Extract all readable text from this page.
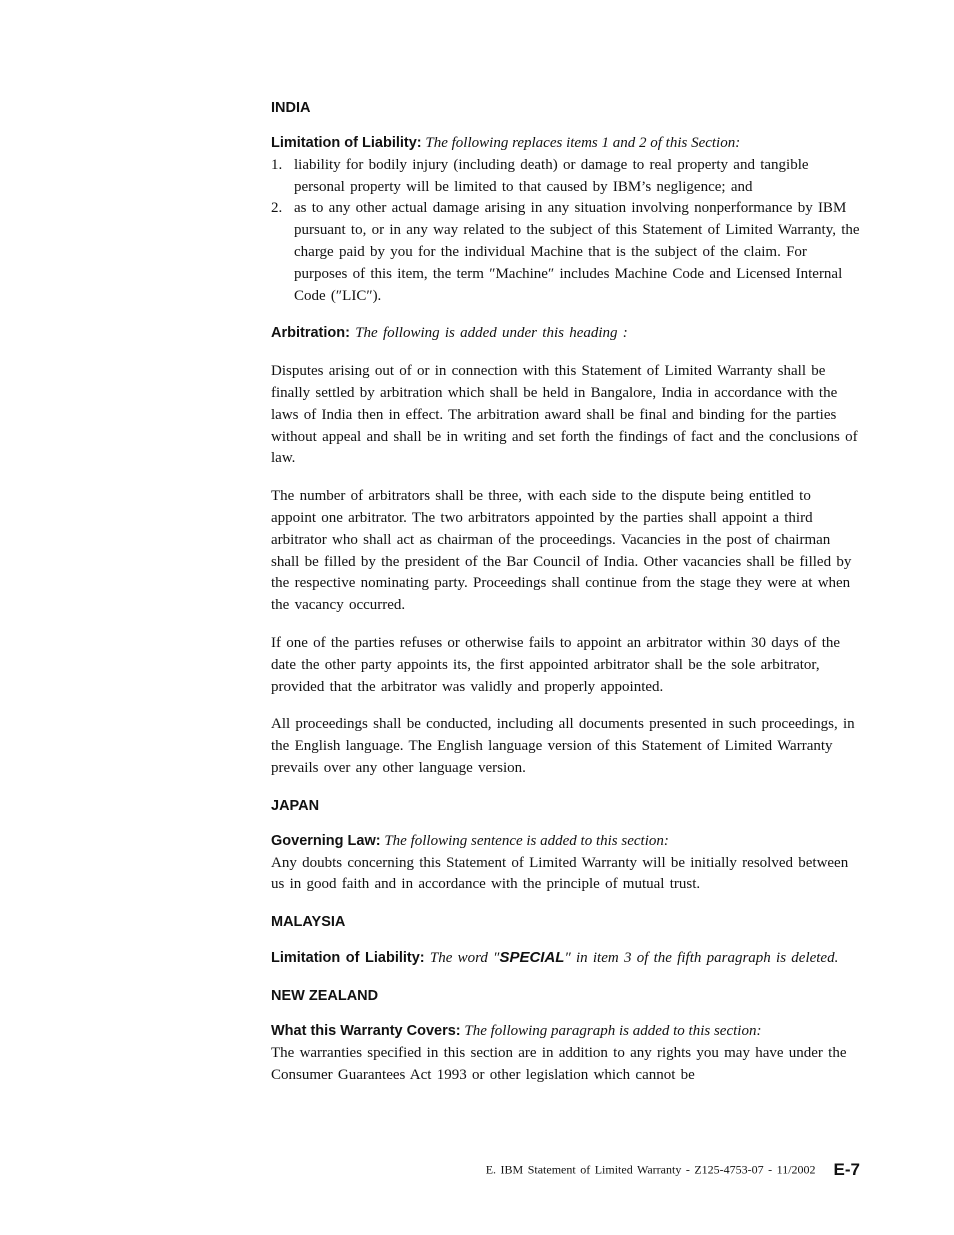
INDIA

Limitation of Liability: The following replaces items 1 and 2 of this Section:

1. liability for bodily injury (including death) or damage to real property and tangible personal property will be limited to that caused by IBM’s negligence; and
2. as to any other actual damage arising in any situation involving nonperformance by IBM pursuant to, or in any way related to the subject of this Statement of Limited Warranty, the charge paid by you for the individual Machine that is the subject of the claim. For purposes of this item, the term ″Machine″ includes Machine Code and Licensed Internal Code (″LIC″).

Arbitration: The following is added under this heading :

Disputes arising out of or in connection with this Statement of Limited Warranty shall be finally settled by arbitration which shall be held in Bangalore, India in accordance with the laws of India then in effect. The arbitration award shall be final and binding for the parties without appeal and shall be in writing and set forth the findings of fact and the conclusions of law.

The number of arbitrators shall be three, with each side to the dispute being entitled to appoint one arbitrator. The two arbitrators appointed by the parties shall appoint a third arbitrator who shall act as chairman of the proceedings. Vacancies in the post of chairman shall be filled by the president of the Bar Council of India. Other vacancies shall be filled by the respective nominating party. Proceedings shall continue from the stage they were at when the vacancy occurred.

If one of the parties refuses or otherwise fails to appoint an arbitrator within 30 days of the date the other party appoints its, the first appointed arbitrator shall be the sole arbitrator, provided that the arbitrator was validly and properly appointed.

All proceedings shall be conducted, including all documents presented in such proceedings, in the English language. The English language version of this Statement of Limited Warranty prevails over any other language version.

JAPAN

Governing Law: The following sentence is added to this section:

Any doubts concerning this Statement of Limited Warranty will be initially resolved between us in good faith and in accordance with the principle of mutual trust.

MALAYSIA

Limitation of Liability: The word ″SPECIAL″ in item 3 of the fifth paragraph is deleted.

NEW ZEALAND

What this Warranty Covers: The following paragraph is added to this section:

The warranties specified in this section are in addition to any rights you may have under the Consumer Guarantees Act 1993 or other legislation which cannot be

E. IBM Statement of Limited Warranty - Z125-4753-07 - 11/2002 E-7
